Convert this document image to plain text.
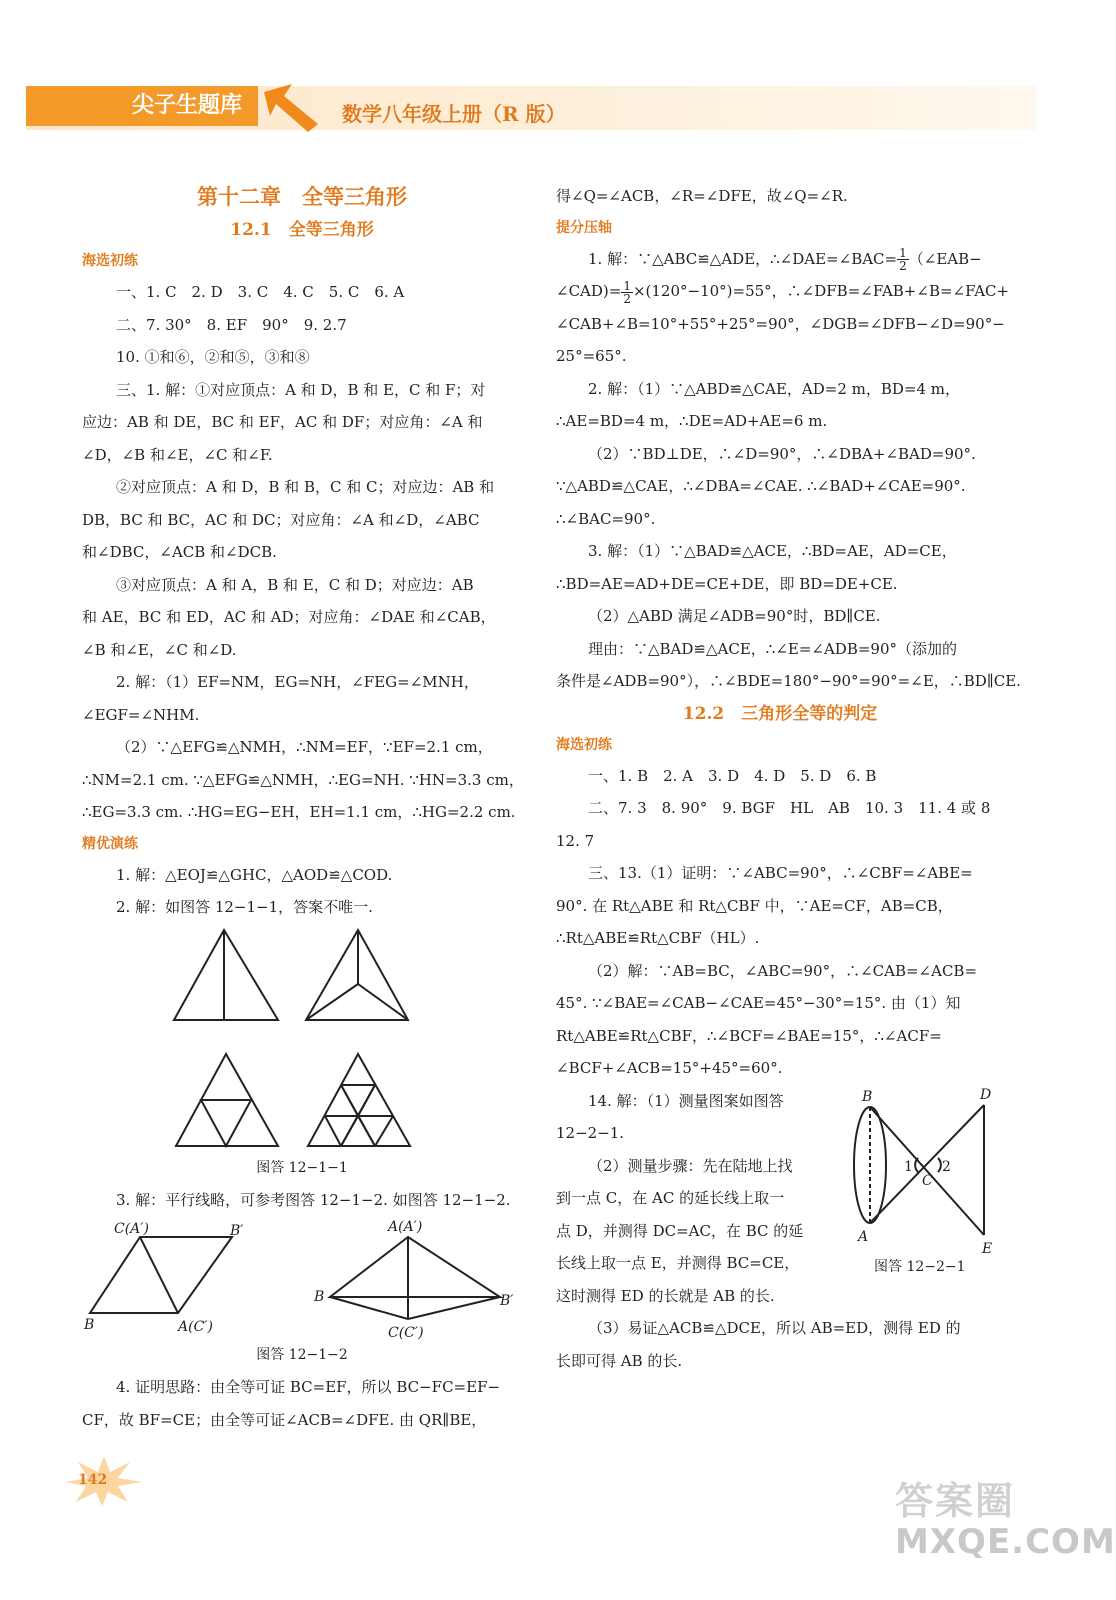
尖子生题库	数学八年级上册（R 版）

第十二章　全等三角形

12.1　全等三角形

海选初练

一、1. C　2. D　3. C　4. C　5. C　6. A

二、7. 30°　8. EF　90°　9. 2.7

10. ①和⑥，②和⑤，③和⑧

三、1. 解：①对应顶点：A 和 D，B 和 E，C 和 F；对

应边：AB 和 DE，BC 和 EF，AC 和 DF；对应角：∠A 和

∠D，∠B 和∠E，∠C 和∠F.

②对应顶点：A 和 D，B 和 B，C 和 C；对应边：AB 和

DB，BC 和 BC，AC 和 DC；对应角：∠A 和∠D，∠ABC

和∠DBC，∠ACB 和∠DCB.

③对应顶点：A 和 A，B 和 E，C 和 D；对应边：AB

和 AE，BC 和 ED，AC 和 AD；对应角：∠DAE 和∠CAB，

∠B 和∠E，∠C 和∠D.

2. 解：（1）EF=NM，EG=NH，∠FEG=∠MNH，

∠EGF=∠NHM.

（2）∵△EFG≌△NMH，∴NM=EF，∵EF=2.1 cm，

∴NM=2.1 cm. ∵△EFG≌△NMH，∴EG=NH. ∵HN=3.3 cm，

∴EG=3.3 cm. ∴HG=EG−EH，EH=1.1 cm，∴HG=2.2 cm.

精优演练

1. 解：△EOJ≌△GHC，△AOD≌△COD.

2. 解：如图答 12−1−1，答案不唯一.

图答 12−1−1

3. 解：平行线略，可参考图答 12−1−2. 如图答 12−1−2.

C(A′)	B′
B	A(C′)
A(A′)
B	B′
C(C′)

图答 12−1−2

4. 证明思路：由全等可证 BC=EF，所以 BC−FC=EF−

CF，故 BF=CE；由全等可证∠ACB=∠DFE. 由 QR∥BE，

得∠Q=∠ACB，∠R=∠DFE，故∠Q=∠R.

提分压轴

1. 解：∵△ABC≌△ADE，∴∠DAE=∠BAC= $\frac{1}{2}$ （∠EAB−

∠CAD)= $\frac{1}{2} \times(120^\circ-10^\circ)=55^\circ$，∴∠DFB=∠FAB+∠B=∠FAC+

∠CAB+∠B=10°+55°+25°=90°，∠DGB=∠DFB−∠D=90°−

25°=65°.

2. 解：（1）∵△ABD≌△CAE，AD=2 m，BD=4 m，

∴AE=BD=4 m，∴DE=AD+AE=6 m.

（2）∵BD⊥DE，∴∠D=90°，∴∠DBA+∠BAD=90°.

∵△ABD≌△CAE，∴∠DBA=∠CAE. ∴∠BAD+∠CAE=90°.

∴∠BAC=90°.

3. 解：（1）∵△BAD≌△ACE，∴BD=AE，AD=CE，

∴BD=AE=AD+DE=CE+DE，即 BD=DE+CE.

（2）△ABD 满足∠ADB=90°时，BD∥CE.

理由：∵△BAD≌△ACE，∴∠E=∠ADB=90°（添加的

条件是∠ADB=90°），∴∠BDE=180°−90°=90°=∠E，∴BD∥CE.

12.2　三角形全等的判定

海选初练

一、1. B　2. A　3. D　4. D　5. D　6. B

二、7. 3　8. 90°　9. BGF　HL　AB　10. 3　11. 4 或 8

12. 7

三、13.（1）证明：∵∠ABC=90°，∴∠CBF=∠ABE=

90°. 在 Rt△ABE 和 Rt△CBF 中，∵AE=CF，AB=CB，

∴Rt△ABE≌Rt△CBF（HL）.

（2）解：∵AB=BC，∠ABC=90°，∴∠CAB=∠ACB=

45°. ∵∠BAE=∠CAB−∠CAE=45°−30°=15°. 由（1）知

Rt△ABE≌Rt△CBF，∴∠BCF=∠BAE=15°，∴∠ACF=

∠BCF+∠ACB=15°+45°=60°.

14. 解：（1）测量图案如图答

12−2−1.

（2）测量步骤：先在陆地上找

到一点 C，在 AC 的延长线上取一

点 D，并测得 DC=AC，在 BC 的延

长线上取一点 E，并测得 BC=CE，

这时测得 ED 的长就是 AB 的长.

B	D
1 2
C
A
E
图答 12−2−1

（3）易证△ACB≌△DCE，所以 AB=ED，测得 ED 的

长即可得 AB 的长.

142	答案圈
MXQE.COM
